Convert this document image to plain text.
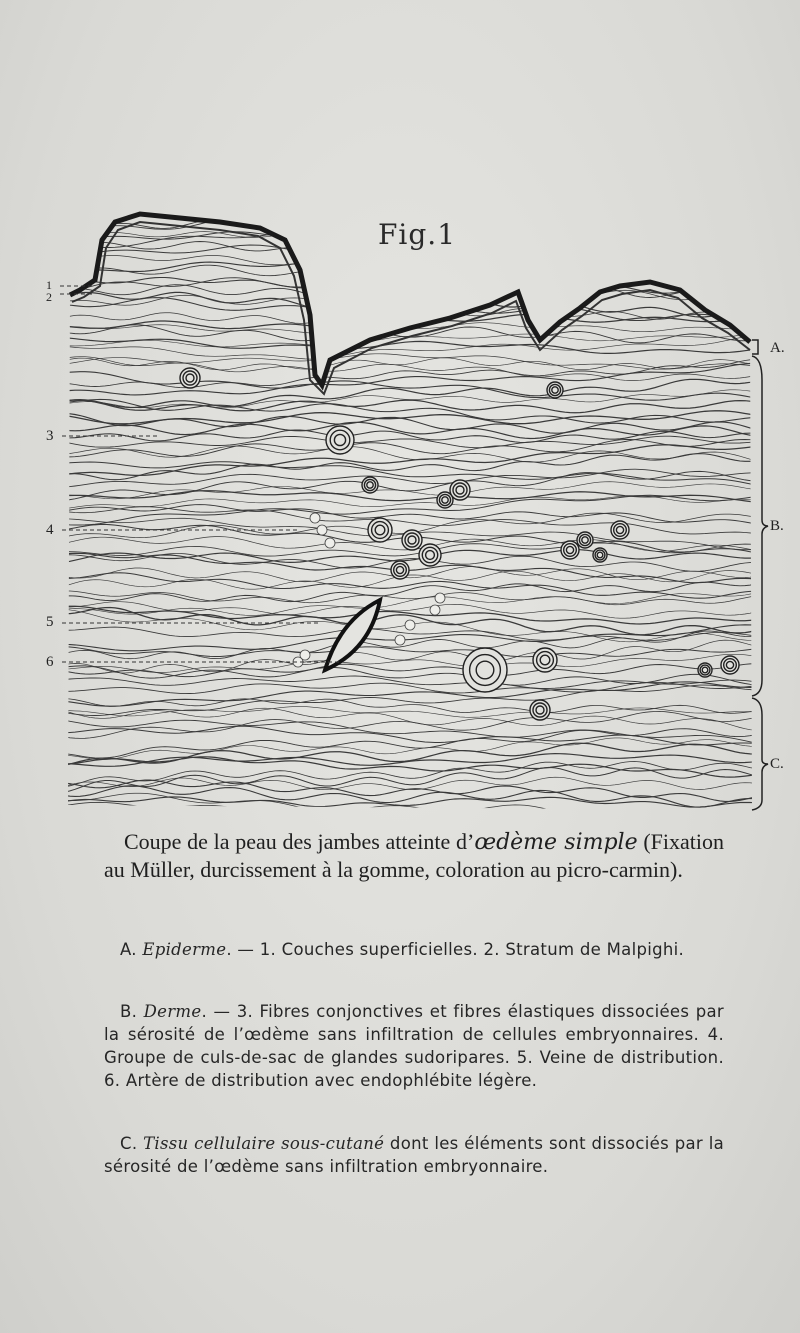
Fig.1
1
2
3
4
5
6
A.
B.
C.
Coupe de la peau des jambes atteinte d’œdème simple (Fixation au Müller, durcissement à la gomme, coloration au picro-carmin).
A. Epiderme. — 1. Couches superficielles. 2. Stratum de Malpighi.
B. Derme. — 3. Fibres conjonctives et fibres élastiques dissociées par la sérosité de l’œdème sans infiltration de cellules embryonnaires. 4. Groupe de culs-de-sac de glandes sudoripares. 5. Veine de distribution. 6. Artère de distribution avec endophlébite légère.
C. Tissu cellulaire sous-cutané dont les éléments sont dissociés par la sérosité de l’œdème sans infiltration embryonnaire.
